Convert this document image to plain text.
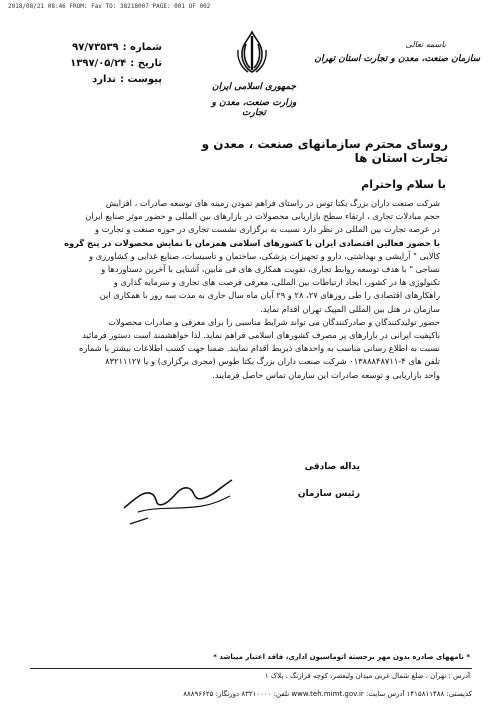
2018/08/21 08:46 FROM: Fax TO: 38218007 PAGE: 001 OF 002
شماره :
۹۷/۷۳۵۳۹
تاریخ :
۱۳۹۷/۰۵/۲۴
پیوست :
ندارد
جمهوری اسلامی ایران
وزارت صنعت، معدن و تجارت
باسمه تعالی
سازمان صنعت، معدن و تجارت استان تهران
روسای محترم سازمانهای صنعت ، معدن و تجارت استان ها
با سلام واحترام

شرکت صنعت داران بزرگ یکتا توس در راستای فراهم نمودن زمینه های توسعه صادرات ، افزایش

حجم مبادلات تجاری ، ارتقاء سطح بازاریابی محصولات در بازارهای بین المللی و حضور موثر صنایع ایران

در عرصه تجارت بین المللی در نظر دارد نسبت به برگزاری نشست تجاری در حوزه صنعت و تجارت و

با حضور فعالین اقتصادی ایران با کشورهای اسلامی همزمان با نمایش محصولات در پنج گروه

کالایی " آرایشی و بهداشتی، دارو و تجهیزات پزشکی، ساختمان و تاسیسات، صنایع غذایی و کشاورزی و

نساجی " با هدف توسعه روابط تجاری، تقویت همکاری های فی مابین، آشنایی با آخرین دستاوردها و

تکنولوژی ها در کشور، ایجاد ارتباطات بین المللی، معرفی فرصت های تجاری و سرمایه گذاری و

راهکارهای اقتصادی را طی روزهای ۲۷، ۲۸ و ۲۹ آبان ماه سال جاری به مدت سه روز با همکاری این

سازمان در هتل بین المللی المپیک تهران اقدام نماید.

حضور تولیدکنندگان و صادرکنندگان می تواند شرایط مناسبی را برای معرفی و صادرات محصولات

باکیفیت ایرانی در بازارهای پر مصرف کشورهای اسلامی فراهم نماید. لذا خواهشمند است دستور فرمائید

نسبت به اطلاع رسانی مناسب به واحدهای ذیربط اقدام نمایند. ضمنا جهت کسب اطلاعات بیشتر با شماره

تلفن های ۴-۰۱۳۸۸۸۴۸۷۱۱ شرکت صنعت داران بزرگ یکتا طوس (مجری برگزاری) و یا ۸۳۲۱۱۱۲۷

واحد بازاریابی و توسعه صادرات این سازمان تماس حاصل فرمایند.

یداله صادقی
رئیس سازمان
* نامههای صادره بدون مهر برجسته اتوماسیون اداری، فاقد اعتبار میباشد *
آدرس : تهران ، ضلع شمال غربی میدان ولیعصر، کوچه فرازنگ ، پلاک ۱
کدپستی: ۱۴۱۵۸۱۱۴۸۸ آدرس سایت: www.teh.mimt.gov.ir تلفن: ۸۳۲۱۰۰۰۰ دورنگار: ۸۸۸۹۶۶۲۵
